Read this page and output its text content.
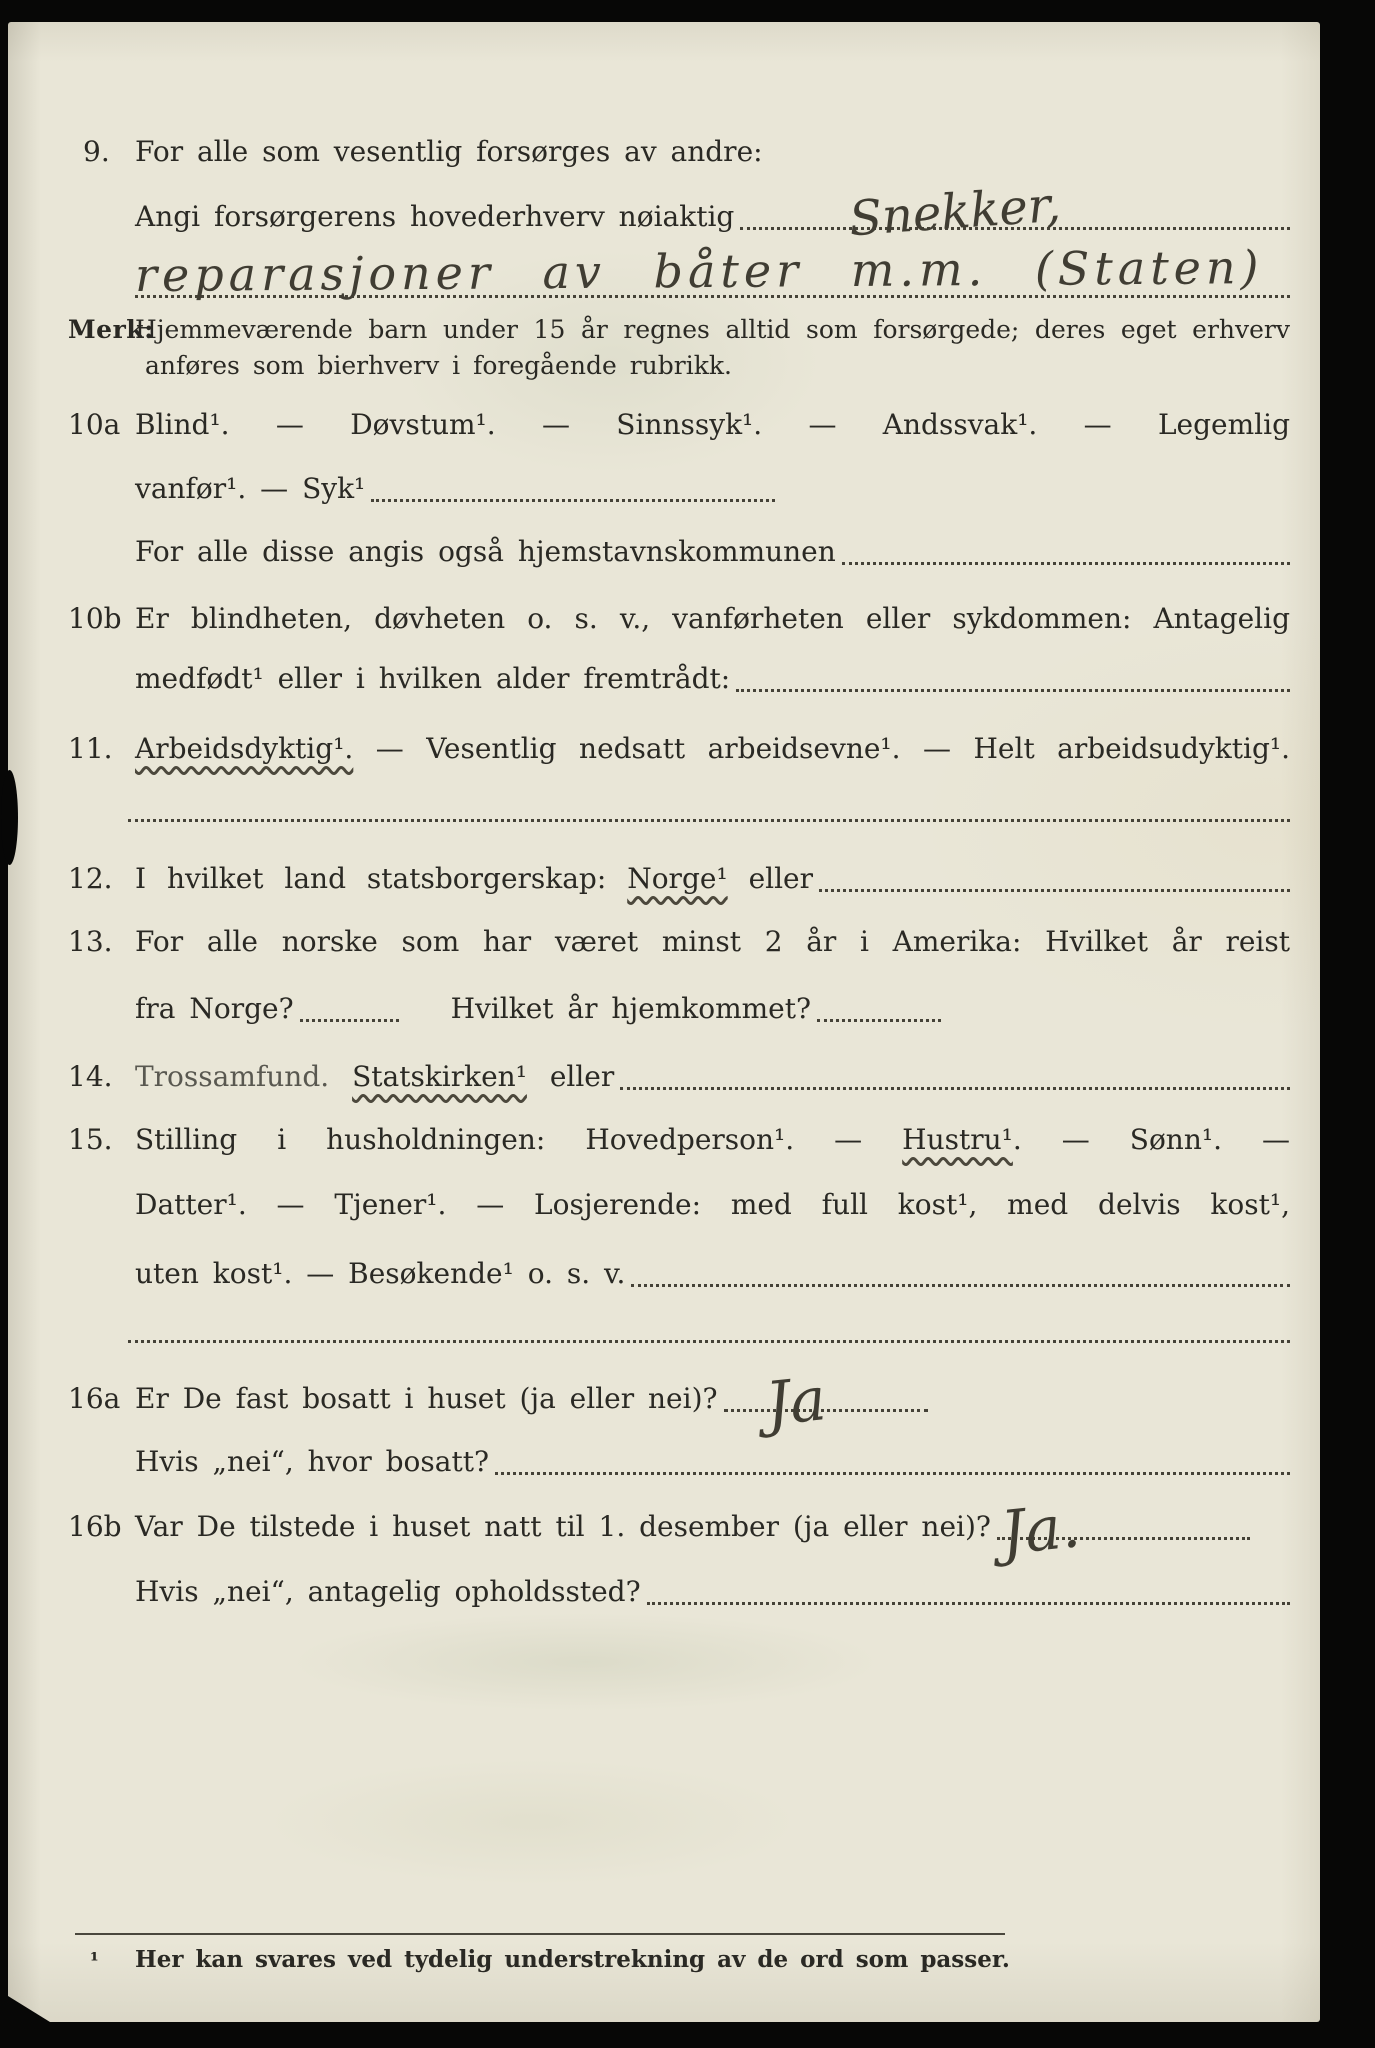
9. For alle som vesentlig forsørges av andre:
Angi forsørgerens hovederhverv nøiaktig Snekker,
reparasjoner av båter m.m. (Staten)
Merk:
Hjemmeværende barn under 15 år regnes alltid som forsørgede; deres eget erhverv
anføres som bierhverv i foregående rubrikk.
10a Blind¹. — Døvstum¹. — Sinnssyk¹. — Andssvak¹. — Legemlig
vanfør¹. — Syk¹
For alle disse angis også hjemstavnskommunen
10b Er blindheten, døvheten o. s. v., vanførheten eller sykdommen: Antagelig
medfødt¹ eller i hvilken alder fremtrådt:
11. Arbeidsdyktig¹. — Vesentlig nedsatt arbeidsevne¹. — Helt arbeidsudyktig¹.
12. I hvilket land statsborgerskap: Norge¹ eller
13. For alle norske som har været minst 2 år i Amerika: Hvilket år reist
fra Norge?	Hvilket år hjemkommet?
14. Trossamfund. Statskirken¹ eller
15. Stilling i husholdningen: Hovedperson¹. — Hustru¹. — Sønn¹. —
Datter¹. — Tjener¹. — Losjerende: med full kost¹, med delvis kost¹,
uten kost¹. — Besøkende¹ o. s. v.
16a Er De fast bosatt i huset (ja eller nei)? Ja
Hvis „nei“, hvor bosatt?
16b Var De tilstede i huset natt til 1. desember (ja eller nei)? Ja.
Hvis „nei“, antagelig opholdssted?
¹	Her kan svares ved tydelig understrekning av de ord som passer.
